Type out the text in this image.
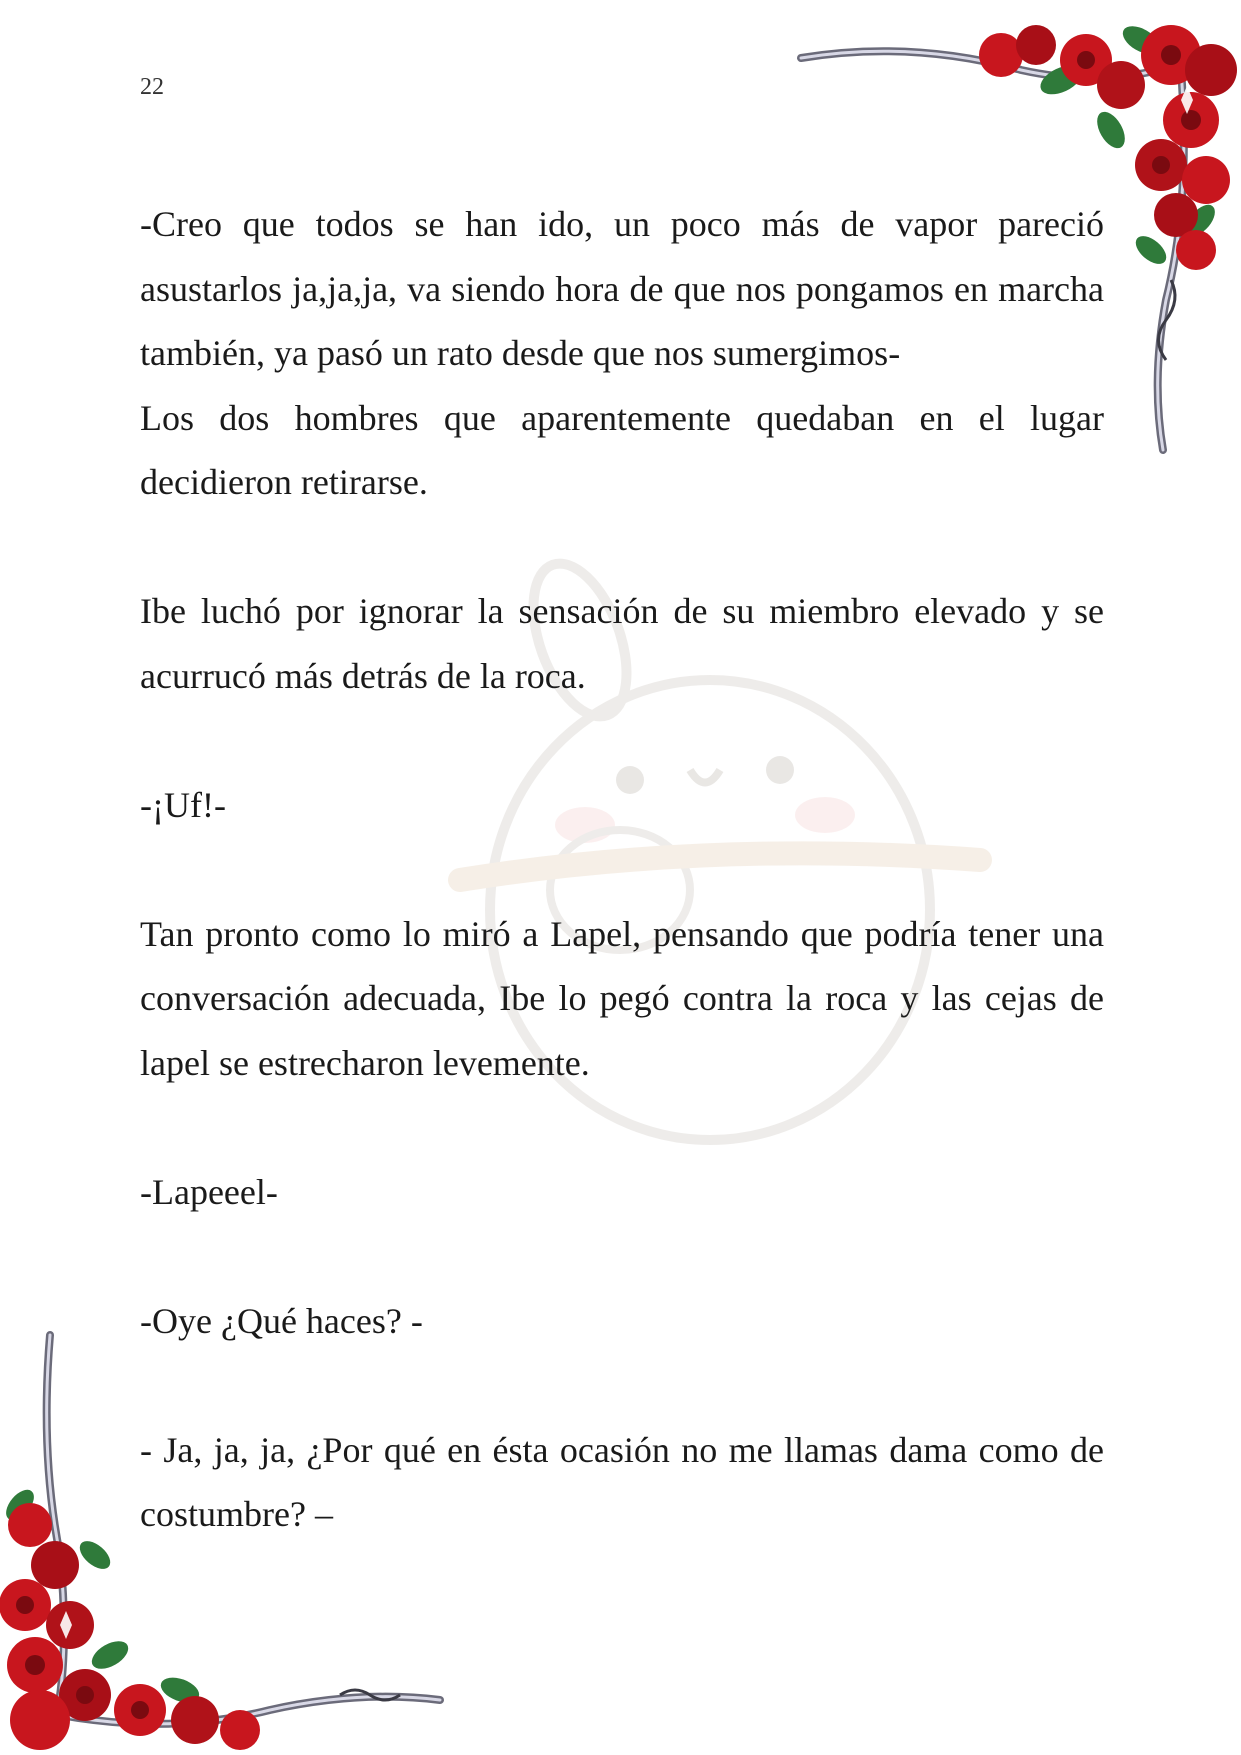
22

-Creo que todos se han ido, un poco más de vapor pareció asustarlos ja,ja,ja, va siendo hora de que nos pongamos en marcha también, ya pasó un rato desde que nos sumergimos-

Los dos hombres que aparentemente quedaban en el lugar decidieron retirarse.

Ibe luchó por ignorar la sensación de su miembro elevado y se acurrucó más detrás de la roca.

-¡Uf!-

Tan pronto como lo miró a Lapel, pensando que podría tener una conversación adecuada, Ibe lo pegó contra la roca y las cejas de lapel se estrecharon levemente.

-Lapeeel-

-Oye ¿Qué haces? -

- Ja, ja, ja, ¿Por qué en ésta ocasión no me llamas dama como de costumbre? –
